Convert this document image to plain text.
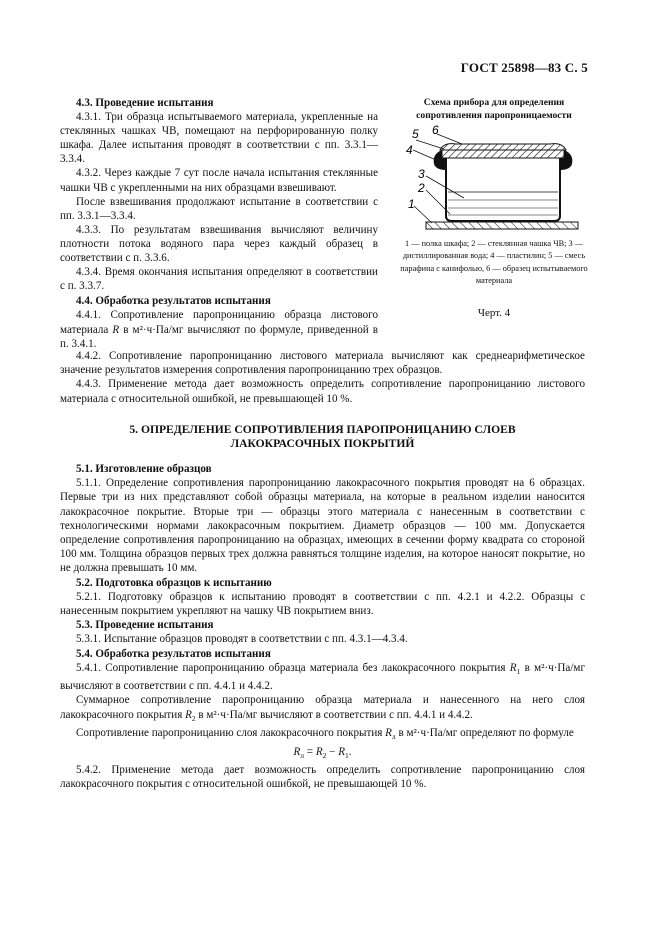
ГОСТ 25898—83 С. 5

4.3. Проведение испытания

4.3.1. Три образца испытываемого материала, укрепленные на стеклянных чашках ЧВ, помещают на перфорированную полку шкафа. Далее испытания проводят в соответствии с пп. 3.3.1—3.3.4.

4.3.2. Через каждые 7 сут после начала испытания стеклянные чашки ЧВ с укрепленными на них образцами взвешивают.

После взвешивания продолжают испытание в соответствии с пп. 3.3.1—3.3.4.

4.3.3. По результатам взвешивания вычисляют величину плотности потока водяного пара через каждый образец в соответствии с п. 3.3.6.

4.3.4. Время окончания испытания определяют в соответствии с п. 3.3.7.

4.4. Обработка результатов испытания

4.4.1. Сопротивление паропроницанию образца листового материала R в м²·ч·Па/мг вычисляют по формуле, приведенной в п. 3.4.1.

Схема прибора для определения сопротивления паропроницаемости
5 6
4
3
2
1
1 — полка шкафа; 2 — стеклянная чашка ЧВ; 3 — дистиллированная вода; 4 — пластилин; 5 — смесь парафина с канифолью, 6 — образец испытываемого материала
Черт. 4

4.4.2. Сопротивление паропроницанию листового материала вычисляют как среднеарифметическое значение результатов измерения сопротивления паропроницанию трех образцов.

4.4.3. Применение метода дает возможность определить сопротивление паропроницанию листового материала с относительной ошибкой, не превышающей 10 %.

5. ОПРЕДЕЛЕНИЕ СОПРОТИВЛЕНИЯ ПАРОПРОНИЦАНИЮ СЛОЕВ

ЛАКОКРАСОЧНЫХ ПОКРЫТИЙ

5.1. Изготовление образцов

5.1.1. Определение сопротивления паропроницанию лакокрасочного покрытия проводят на 6 образцах. Первые три из них представляют собой образцы материала, на которые в реальном изделии наносится лакокрасочное покрытие. Вторые три — образцы этого материала с нанесенным в соответствии с технологическими нормами лакокрасочным покрытием. Диаметр образцов — 100 мм. Допускается определение сопротивления паропроницанию на образцах, имеющих в сечении форму квадрата со стороной 100 мм. Толщина образцов первых трех должна равняться толщине изделия, на которое наносят покрытие, но не должна превышать 10 мм.

5.2. Подготовка образцов к испытанию

5.2.1. Подготовку образцов к испытанию проводят в соответствии с пп. 4.2.1 и 4.2.2. Образцы с нанесенным покрытием укрепляют на чашку ЧВ покрытием вниз.

5.3. Проведение испытания

5.3.1. Испытание образцов проводят в соответствии с пп. 4.3.1—4.3.4.

5.4. Обработка результатов испытания

5.4.1. Сопротивление паропроницанию образца материала без лакокрасочного покрытия $R_1$ в м²·ч·Па/мг вычисляют в соответствии с пп. 4.4.1 и 4.4.2.

Суммарное сопротивление паропроницанию образца материала и нанесенного на него слоя лакокрасочного покрытия $R_2$ в м²·ч·Па/мг вычисляют в соответствии с пп. 4.4.1 и 4.4.2.

Сопротивление паропроницанию слоя лакокрасочного покрытия $R_л$ в м²·ч·Па/мг определяют по формуле

$R_л = R_2 - R_1$.

5.4.2. Применение метода дает возможность определить сопротивление паропроницанию слоя лакокрасочного покрытия с относительной ошибкой, не превышающей 10 %.
